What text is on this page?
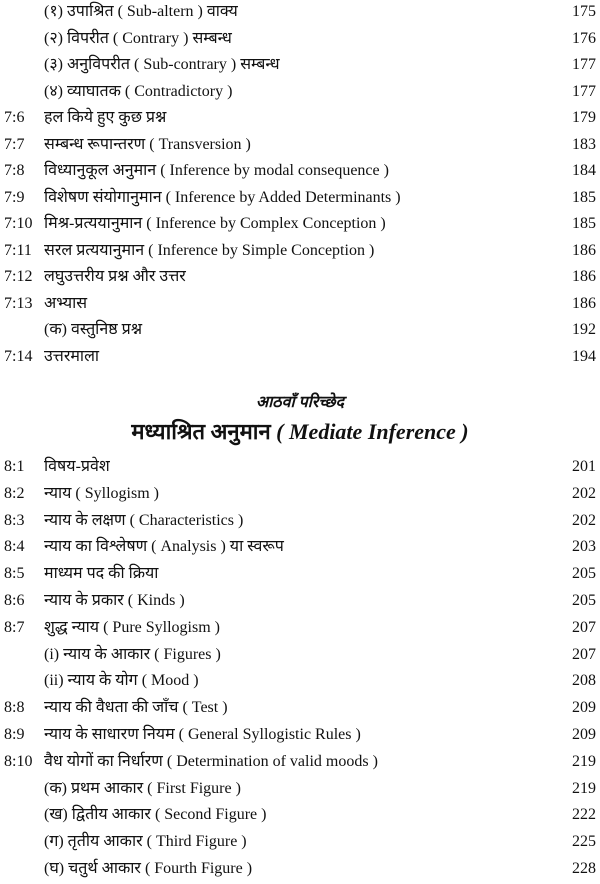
(१) उपाश्रित ( Sub-altern ) वाक्य	175
(२) विपरीत ( Contrary ) सम्बन्ध	176
(३) अनुविपरीत ( Sub-contrary ) सम्बन्ध	177
(४) व्याघातक ( Contradictory )	177
7:6 हल किये हुए कुछ प्रश्न	179
7:7 सम्बन्ध रूपान्तरण ( Transversion )	183
7:8 विध्यानुकूल अनुमान ( Inference by modal consequence )	184
7:9 विशेषण संयोगानुमान ( Inference by Added Determinants )	185
7:10 मिश्र-प्रत्ययानुमान ( Inference by Complex Conception )	185
7:11 सरल प्रत्ययानुमान ( Inference by Simple Conception )	186
7:12 लघुउत्तरीय प्रश्न और उत्तर	186
7:13 अभ्यास	186
(क) वस्तुनिष्ठ प्रश्न	192
7:14 उत्तरमाला	194
आठवाँ परिच्छेद
मध्याश्रित अनुमान ( Mediate Inference )
8:1 विषय-प्रवेश	201
8:2 न्याय ( Syllogism )	202
8:3 न्याय के लक्षण ( Characteristics )	202
8:4 न्याय का विश्लेषण ( Analysis ) या स्वरूप	203
8:5 माध्यम पद की क्रिया	205
8:6 न्याय के प्रकार ( Kinds )	205
8:7 शुद्ध न्याय ( Pure Syllogism )	207
(i) न्याय के आकार ( Figures )	207
(ii) न्याय के योग ( Mood )	208
8:8 न्याय की वैधता की जाँच ( Test )	209
8:9 न्याय के साधारण नियम ( General Syllogistic Rules )	209
8:10 वैध योगों का निर्धारण ( Determination of valid moods )	219
(क) प्रथम आकार ( First Figure )	219
(ख) द्वितीय आकार ( Second Figure )	222
(ग) तृतीय आकार ( Third Figure )	225
(घ) चतुर्थ आकार ( Fourth Figure )	228
